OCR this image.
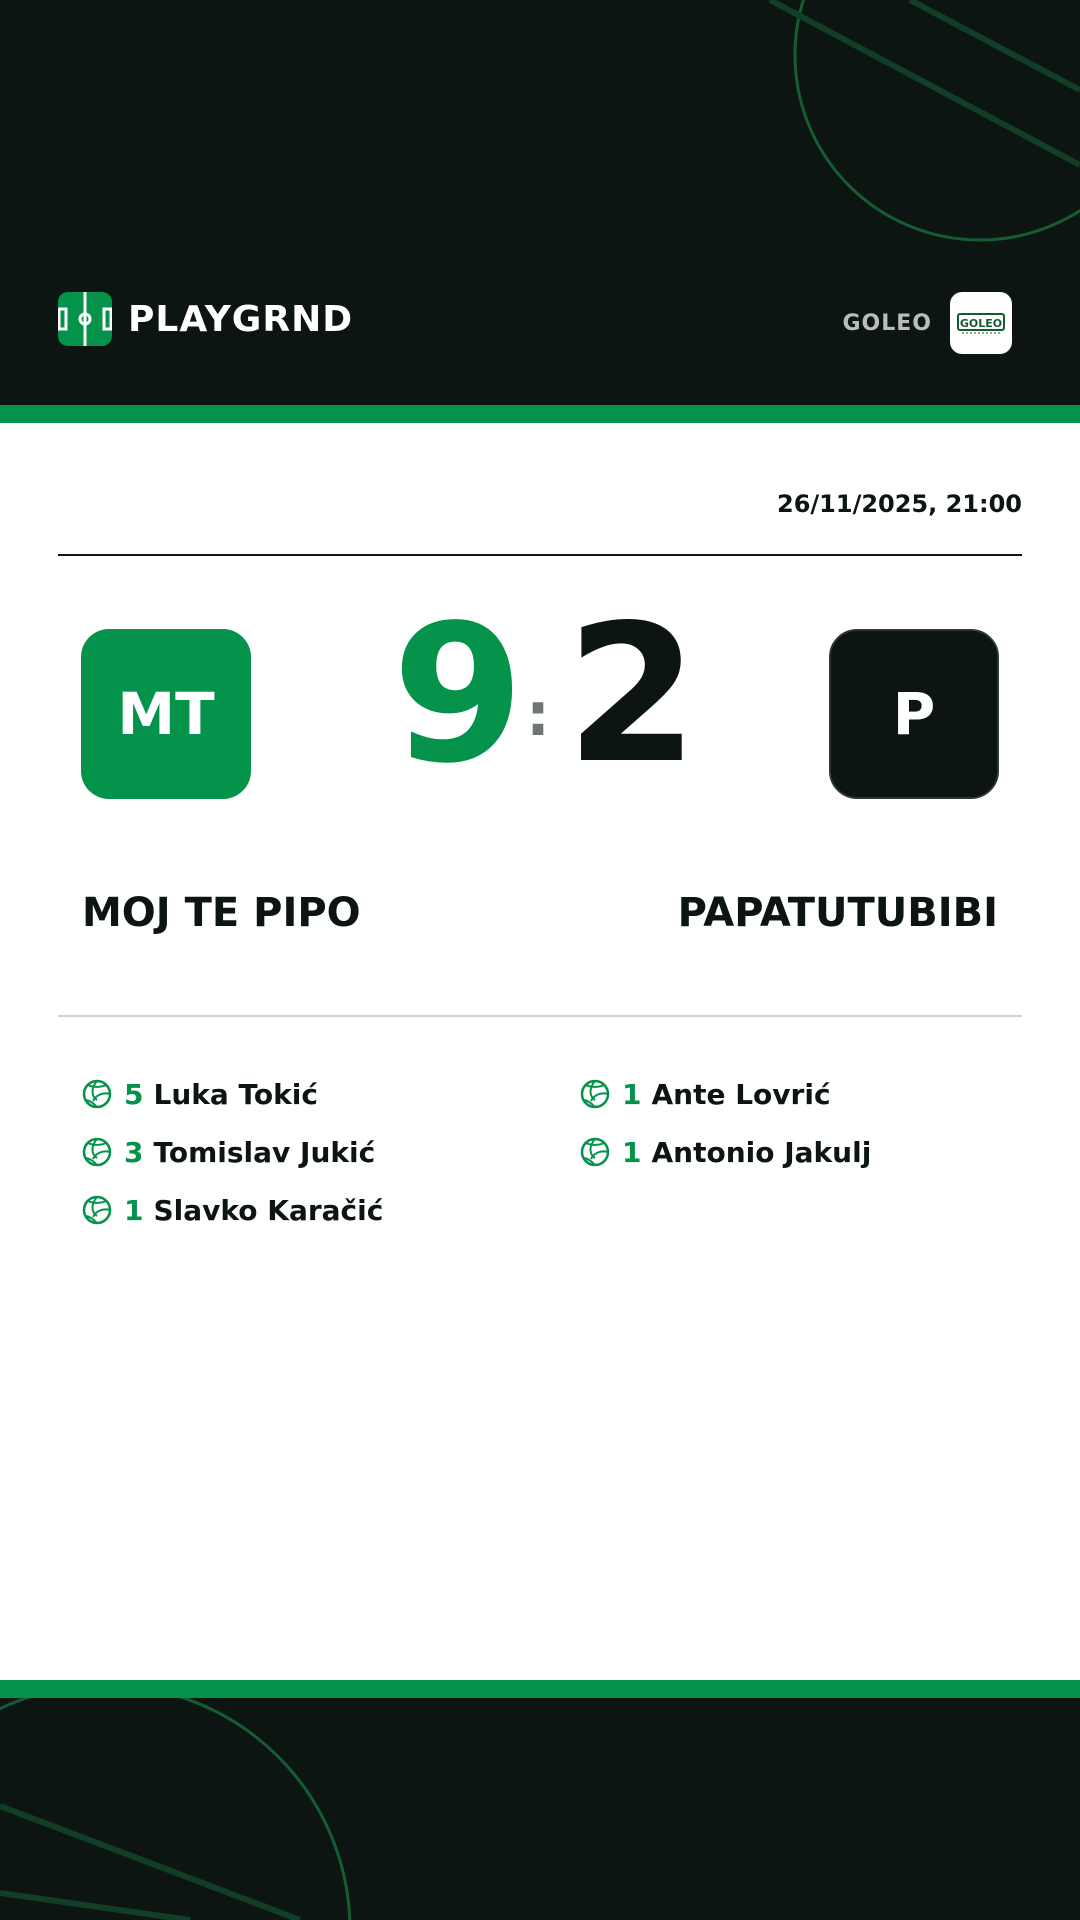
PLAYGRND	GOLEO	GOLEO
26/11/2025, 21:00
MT 9 : 2	P
MOJ TE PIPO	PAPATUTUBIBI
5 Luka Tokić
3 Tomislav Jukić
1 Slavko Karačić
1 Ante Lovrić
1 Antonio Jakulj
